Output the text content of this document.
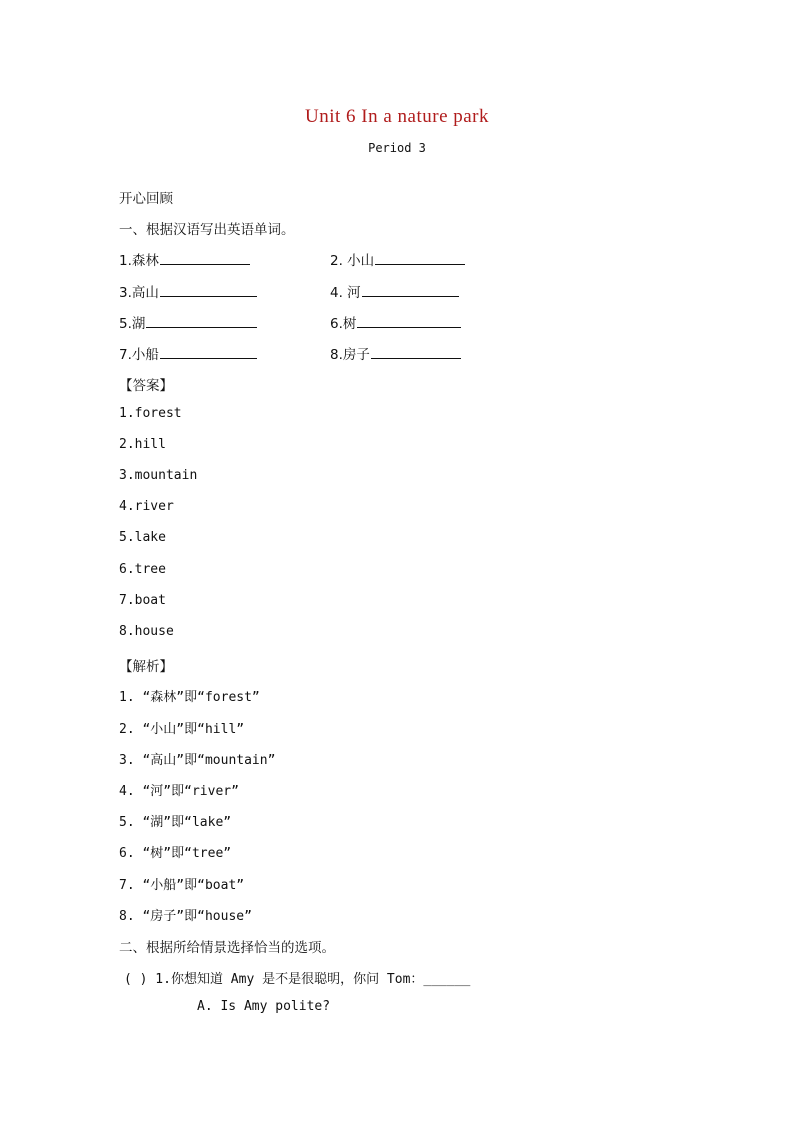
Unit 6 In a nature park
Period 3
开心回顾
一、根据汉语写出英语单词。
1.森林	2. 小山
3.高山	4. 河
5.湖	6.树
7.小船	8.房子
【答案】
1.forest
2.hill
3.mountain
4.river
5.lake
6.tree
7.boat
8.house
【解析】
1. “森林”即“forest”
2. “小山”即“hill”
3. “高山”即“mountain”
4. “河”即“river”
5. “湖”即“lake”
6. “树”即“tree”
7. “小船”即“boat”
8. “房子”即“house”
二、根据所给情景选择恰当的选项。
( ) 1.你想知道 Amy 是不是很聪明，你问 Tom：______
A. Is Amy polite?
